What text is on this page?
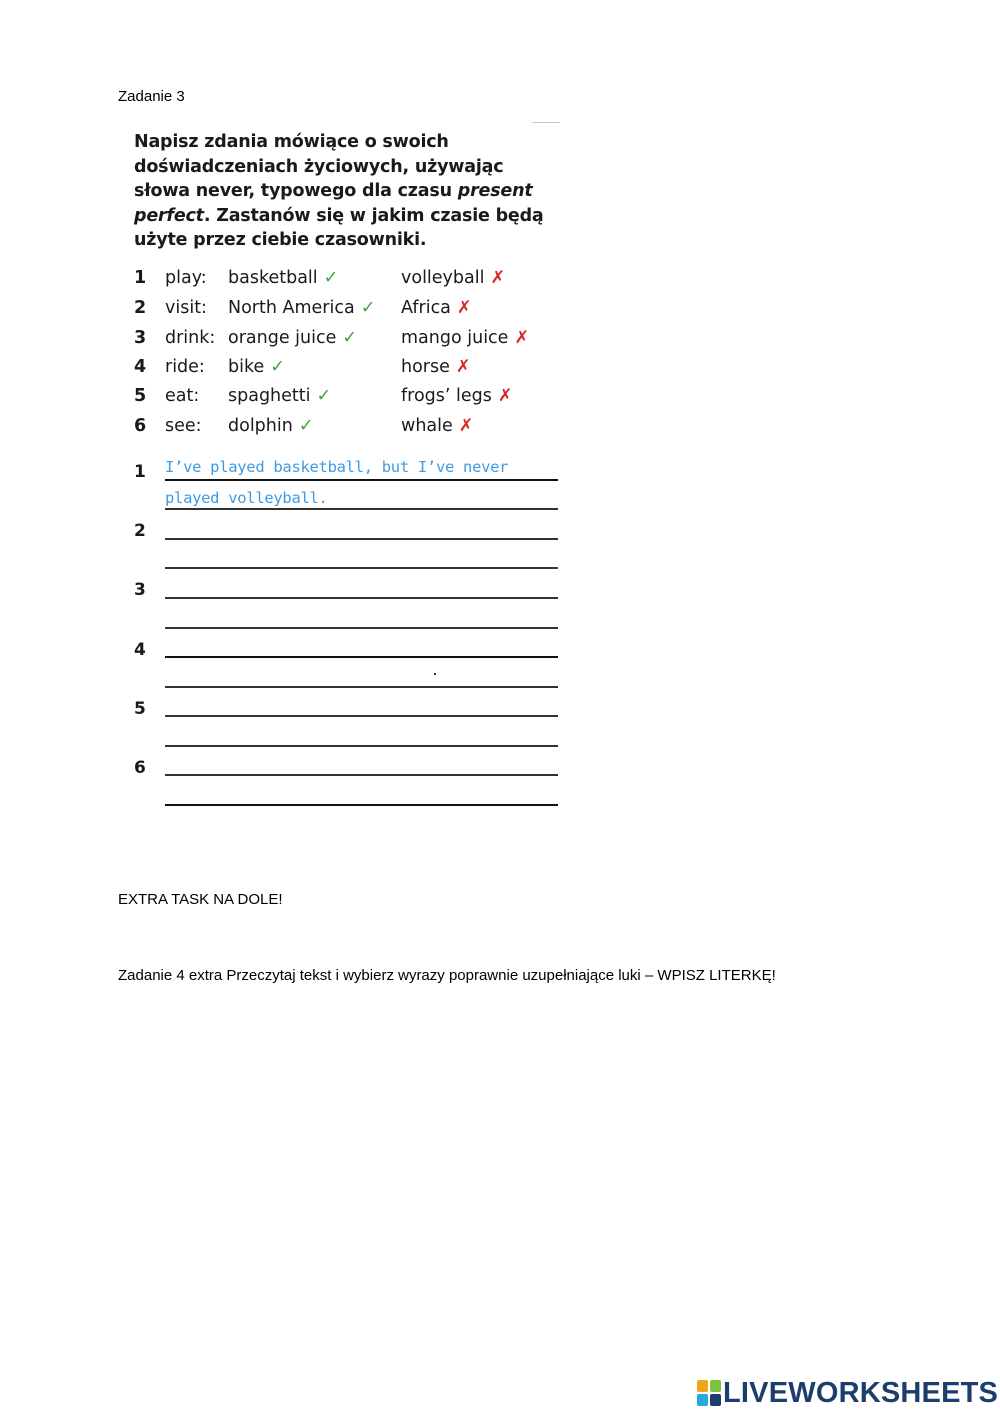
Zadanie 3
Napisz zdania mówiące o swoich doświadczeniach życiowych, używając słowa never, typowego dla czasu present perfect. Zastanów się w jakim czasie będą użyte przez ciebie czasowniki.
1 play: basketball ✓	volleyball ✗
2 visit: North America ✓ Africa ✗
3 drink: orange juice ✓	mango juice ✗
4 ride: bike ✓	horse ✗
5 eat: spaghetti ✓	frogs’ legs ✗
6 see: dolphin ✓	whale ✗
1 I’ve played basketball, but I’ve never
played volleyball.
2
3
4
5
6
EXTRA TASK NA DOLE!
Zadanie 4 extra Przeczytaj tekst i wybierz wyrazy poprawnie uzupełniające luki – WPISZ LITERKĘ!
LIVEWORKSHEETS
